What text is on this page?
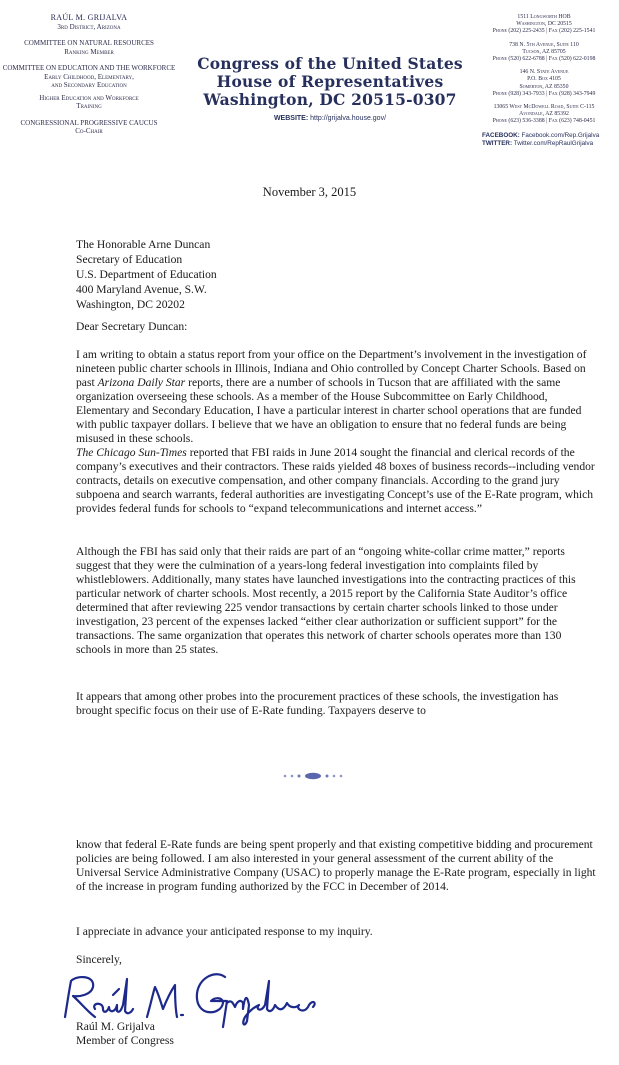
RAÚL M. GRIJALVA
3rd District, Arizona
COMMITTEE ON NATURAL RESOURCES
Ranking Member
COMMITTEE ON EDUCATION AND THE WORKFORCE
Early Childhood, Elementary,
and Secondary Education
Higher Education and Workforce
Training
CONGRESSIONAL PROGRESSIVE CAUCUS
Co-Chair
Congress of the United States
House of Representatives
Washington, DC 20515-0307
WEBSITE: http://grijalva.house.gov/
1511 Longworth HOB
Washington, DC 20515
Phone (202) 225-2435 | Fax (202) 225-1541
738 N. 5th Avenue, Suite 110
Tucson, AZ 85705
Phone (520) 622-6788 | Fax (520) 622-0198
146 N. State Avenue
P.O. Box 4105
Somerton, AZ 85350
Phone (928) 343-7933 | Fax (928) 343-7949
13065 West McDowell Road, Suite C-115
Avondale, AZ 85392
Phone (623) 536-3388 | Fax (623) 748-0451
FACEBOOK: Facebook.com/Rep.Grijalva
TWITTER: Twitter.com/RepRaulGrijalva
November 3, 2015
The Honorable Arne Duncan
Secretary of Education
U.S. Department of Education
400 Maryland Avenue, S.W.
Washington, DC 20202
Dear Secretary Duncan:
I am writing to obtain a status report from your office on the Department’s involvement in the investigation of nineteen public charter schools in Illinois, Indiana and Ohio controlled by Concept Charter Schools. Based on past Arizona Daily Star reports, there are a number of schools in Tucson that are affiliated with the same organization overseeing these schools. As a member of the House Subcommittee on Early Childhood, Elementary and Secondary Education, I have a particular interest in charter school operations that are funded with public taxpayer dollars. I believe that we have an obligation to ensure that no federal funds are being misused in these schools.
The Chicago Sun-Times reported that FBI raids in June 2014 sought the financial and clerical records of the company’s executives and their contractors. These raids yielded 48 boxes of business records--including vendor contracts, details on executive compensation, and other company financials. According to the grand jury subpoena and search warrants, federal authorities are investigating Concept’s use of the E-Rate program, which provides federal funds for schools to “expand telecommunications and internet access.”
Although the FBI has said only that their raids are part of an “ongoing white-collar crime matter,” reports suggest that they were the culmination of a years-long federal investigation into complaints filed by whistleblowers. Additionally, many states have launched investigations into the contracting practices of this particular network of charter schools. Most recently, a 2015 report by the California State Auditor’s office determined that after reviewing 225 vendor transactions by certain charter schools linked to those under investigation, 23 percent of the expenses lacked “either clear authorization or sufficient support” for the transactions. The same organization that operates this network of charter schools operates more than 130 schools in more than 25 states.
It appears that among other probes into the procurement practices of these schools, the investigation has brought specific focus on their use of E-Rate funding. Taxpayers deserve to
know that federal E-Rate funds are being spent properly and that existing competitive bidding and procurement policies are being followed. I am also interested in your general assessment of the current ability of the Universal Service Administrative Company (USAC) to properly manage the E-Rate program, especially in light of the increase in program funding authorized by the FCC in December of 2014.
I appreciate in advance your anticipated response to my inquiry.
Sincerely,
Raúl M. Grijalva
Member of Congress
